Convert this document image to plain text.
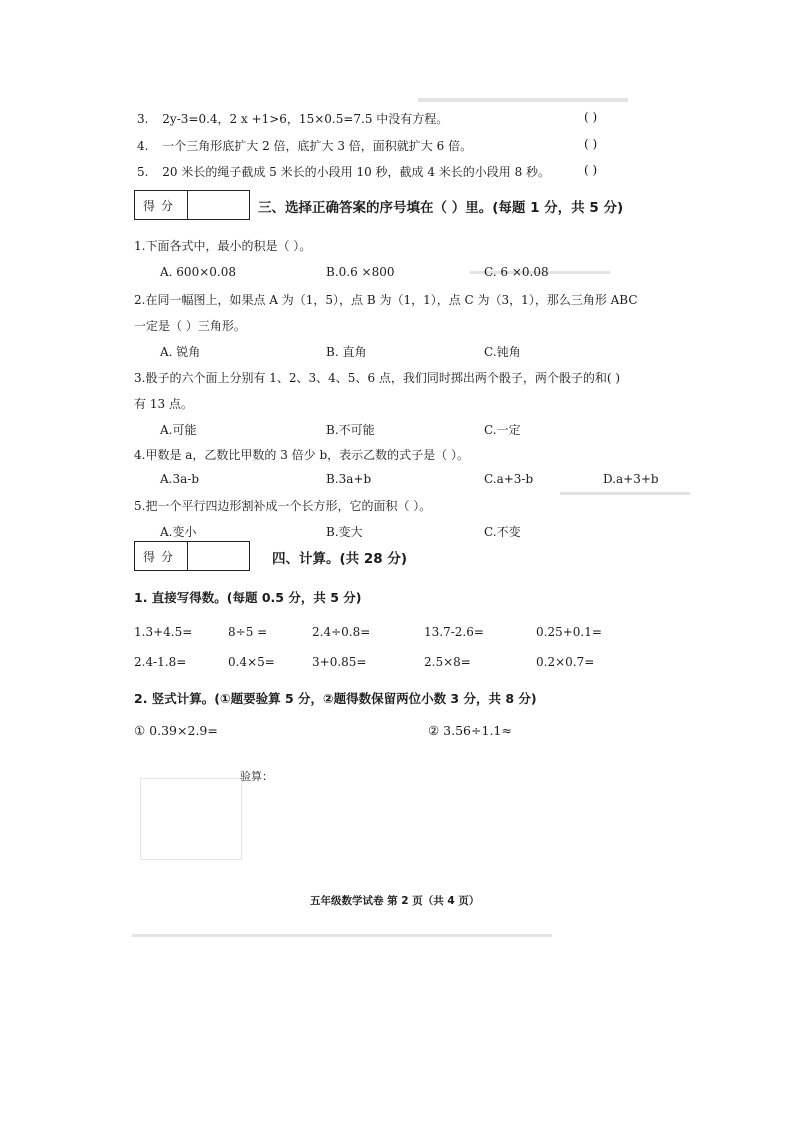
3. 2y-3=0.4，2 x +1>6，15×0.5=7.5 中没有方程。	( )
4. 一个三角形底扩大 2 倍，底扩大 3 倍，面积就扩大 6 倍。	( )
5. 20 米长的绳子截成 5 米长的小段用 10 秒，截成 4 米长的小段用 8 秒。	( )
得分	三、选择正确答案的序号填在（ ）里。(每题 1 分，共 5 分)
1.下面各式中，最小的积是（ ）。
A. 600×0.08	B.0.6 ×800	C. 6 ×0.08
2.在同一幅图上，如果点 A 为（1，5），点 B 为（1，1），点 C 为（3，1），那么三角形 ABC
一定是（ ）三角形。
A. 锐角	B. 直角	C.钝角
3.骰子的六个面上分别有 1、2、3、4、5、6 点，我们同时掷出两个骰子，两个骰子的和( )
有 13 点。
A.可能	B.不可能	C.一定
4.甲数是 a，乙数比甲数的 3 倍少 b，表示乙数的式子是（ ）。
A.3a-b	B.3a+b	C.a+3-b	D.a+3+b
5.把一个平行四边形割补成一个长方形，它的面积（ ）。
A.变小	B.变大	C.不变
得分	四、计算。(共 28 分)
1. 直接写得数。(每题 0.5 分，共 5 分)
1.3+4.5=	8÷5 =	2.4÷0.8=	13.7-2.6=	0.25+0.1=
2.4-1.8=	0.4×5=	3+0.85=	2.5×8=	0.2×0.7=
2. 竖式计算。(①题要验算 5 分，②题得数保留两位小数 3 分，共 8 分)
① 0.39×2.9=	② 3.56÷1.1≈
验算：
五年级数学试卷 第 2 页（共 4 页）
